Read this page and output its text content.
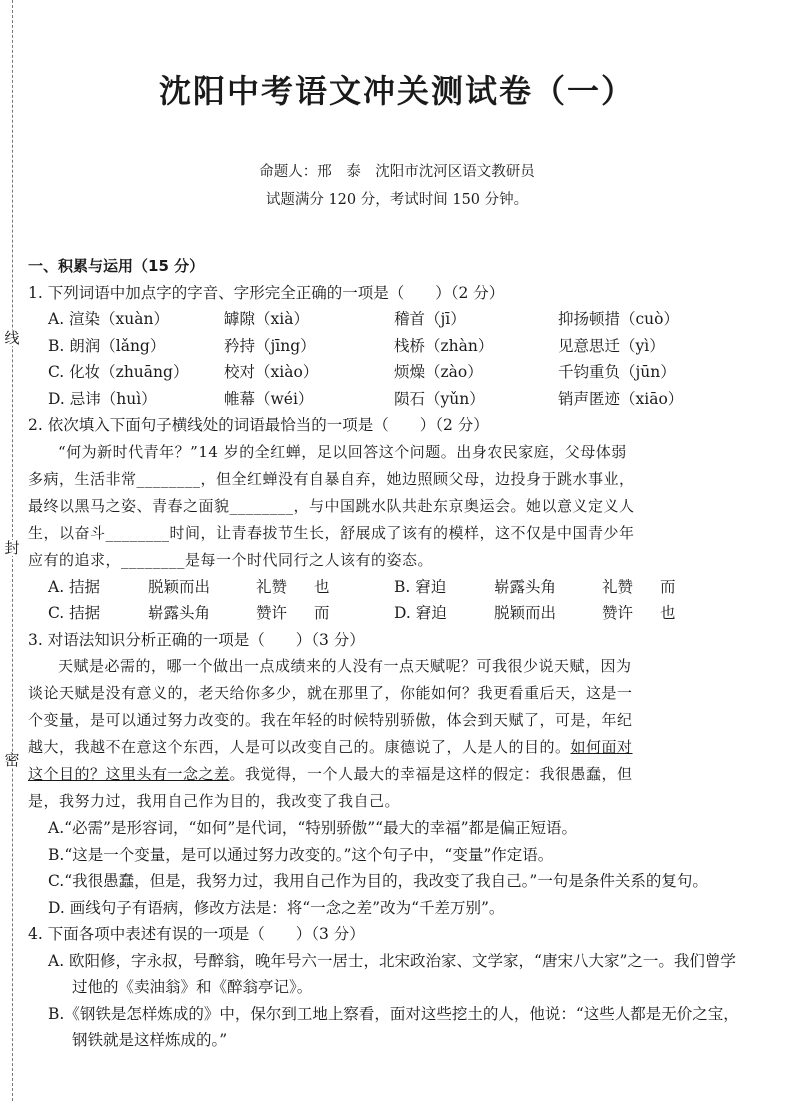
线
封
密
沈阳中考语文冲关测试卷（一）
命题人：邢　泰　沈阳市沈河区语文教研员
试题满分 120 分，考试时间 150 分钟。
一、积累与运用（15 分）
1. 下列词语中加点字的字音、字形完全正确的一项是（　　）（2 分）
A. 渲染（xuàn）	罅隙（xià）	稽首（jī）	抑扬顿措（cuò）
B. 朗润（lǎng）	矜持（jīng）	栈桥（zhàn）	见意思迁（yì）
C. 化妆（zhuāng）	校对（xiào）	烦燥（zào）	千钧重负（jūn）
D. 忌讳（huì）	帷幕（wéi）	陨石（yǔn）	销声匿迹（xiāo）
2. 依次填入下面句子横线处的词语最恰当的一项是（　　）（2 分）
“何为新时代青年？”14 岁的全红蝉，足以回答这个问题。出身农民家庭，父母体弱
多病，生活非常________，但全红蝉没有自暴自弃，她边照顾父母，边投身于跳水事业，
最终以黑马之姿、青春之面貌________，与中国跳水队共赴东京奥运会。她以意义定义人
生，以奋斗________时间，让青春拔节生长，舒展成了该有的模样，这不仅是中国青少年
应有的追求，________是每一个时代同行之人该有的姿态。
A. 拮据	脱颖而出	礼赞	也	B. 窘迫	崭露头角	礼赞	而
C. 拮据	崭露头角	赞许	而	D. 窘迫	脱颖而出	赞许	也
3. 对语法知识分析正确的一项是（　　）（3 分）
天赋是必需的，哪一个做出一点成绩来的人没有一点天赋呢？可我很少说天赋，因为
谈论天赋是没有意义的，老天给你多少，就在那里了，你能如何？我更看重后天，这是一
个变量，是可以通过努力改变的。我在年轻的时候特别骄傲，体会到天赋了，可是，年纪
越大，我越不在意这个东西，人是可以改变自己的。康德说了，人是人的目的。如何面对
这个目的？这里头有一念之差。我觉得，一个人最大的幸福是这样的假定：我很愚蠢，但
是，我努力过，我用自己作为目的，我改变了我自己。
A.“必需”是形容词，“如何”是代词，“特别骄傲”“最大的幸福”都是偏正短语。
B.“这是一个变量，是可以通过努力改变的。”这个句子中，“变量”作定语。
C.“我很愚蠢，但是，我努力过，我用自己作为目的，我改变了我自己。”一句是条件关系的复句。
D. 画线句子有语病，修改方法是：将“一念之差”改为“千差万别”。
4. 下面各项中表述有误的一项是（　　）（3 分）
A. 欧阳修，字永叔，号醉翁，晚年号六一居士，北宋政治家、文学家，“唐宋八大家”之一。我们曾学过他的《卖油翁》和《醉翁亭记》。
B.《钢铁是怎样炼成的》中，保尔到工地上察看，面对这些挖土的人，他说：“这些人都是无价之宝，钢铁就是这样炼成的。”
